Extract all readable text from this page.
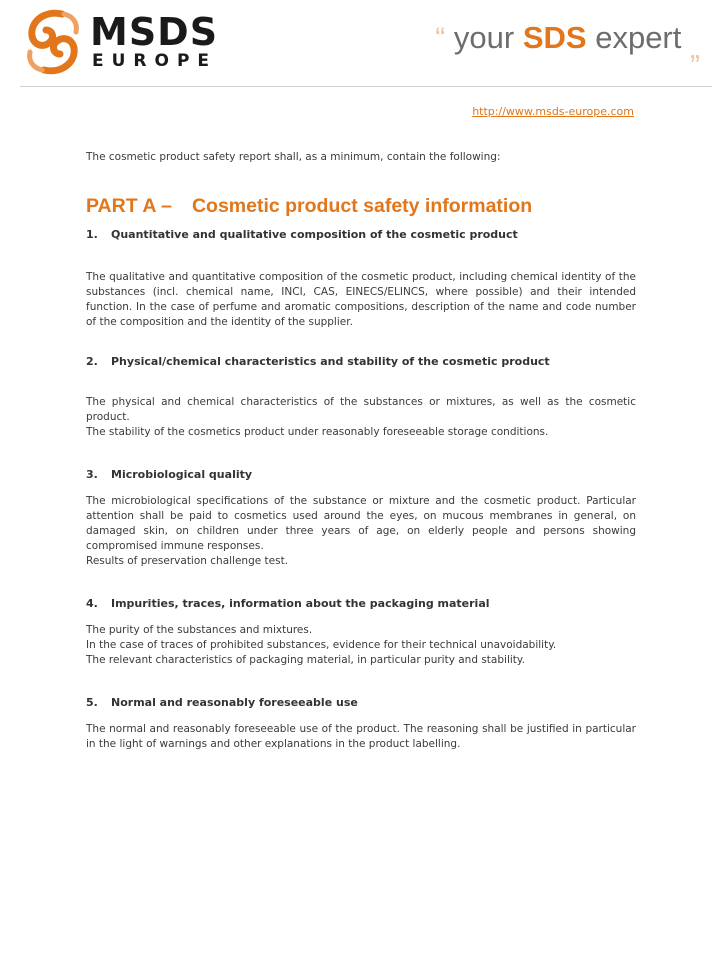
MSDS
EUROPE
“ your SDS expert „
http://www.msds-europe.com

The cosmetic product safety report shall, as a minimum, contain the following:

PART A – Cosmetic product safety information
1. Quantitative and qualitative composition of the cosmetic product

The qualitative and quantitative composition of the cosmetic product, including chemical identity of the substances (incl. chemical name, INCI, CAS, EINECS/ELINCS, where possible) and their intended function. In the case of perfume and aromatic compositions, description of the name and code number of the composition and the identity of the supplier.

2. Physical/chemical characteristics and stability of the cosmetic product

The physical and chemical characteristics of the substances or mixtures, as well as the cosmetic product.
The stability of the cosmetics product under reasonably foreseeable storage conditions.

3. Microbiological quality

The microbiological specifications of the substance or mixture and the cosmetic product. Particular attention shall be paid to cosmetics used around the eyes, on mucous membranes in general, on damaged skin, on children under three years of age, on elderly people and persons showing compromised immune responses.
Results of preservation challenge test.

4. Impurities, traces, information about the packaging material

The purity of the substances and mixtures.
In the case of traces of prohibited substances, evidence for their technical unavoidability.
The relevant characteristics of packaging material, in particular purity and stability.

5. Normal and reasonably foreseeable use

The normal and reasonably foreseeable use of the product. The reasoning shall be justified in particular in the light of warnings and other explanations in the product labelling.
